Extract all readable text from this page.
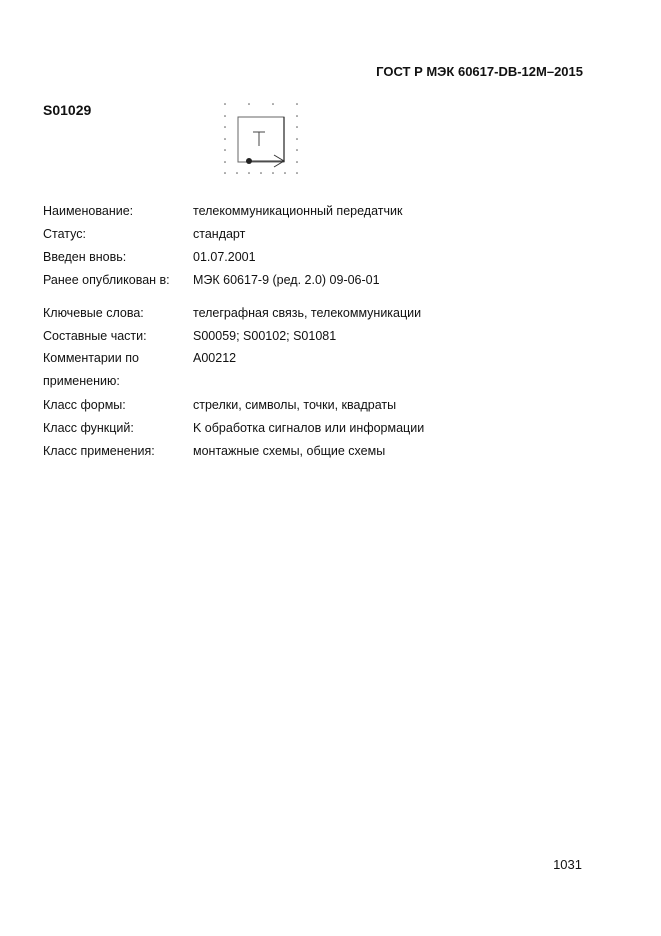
ГОСТ Р МЭК 60617-DB-12M–2015
S01029
Наименование:	телекоммуникационный передатчик
Статус:	стандарт
Введен вновь:	01.07.2001
Ранее опубликован в: МЭК 60617-9 (ред. 2.0) 09-06-01
Ключевые слова:	телеграфная связь, телекоммуникации
Составные части:	S00059; S00102; S01081
Комментарии по	A00212
применению:
Класс формы:	стрелки, символы, точки, квадраты
Класс функций:	K обработка сигналов или информации
Класс применения:	монтажные схемы, общие схемы
1031
